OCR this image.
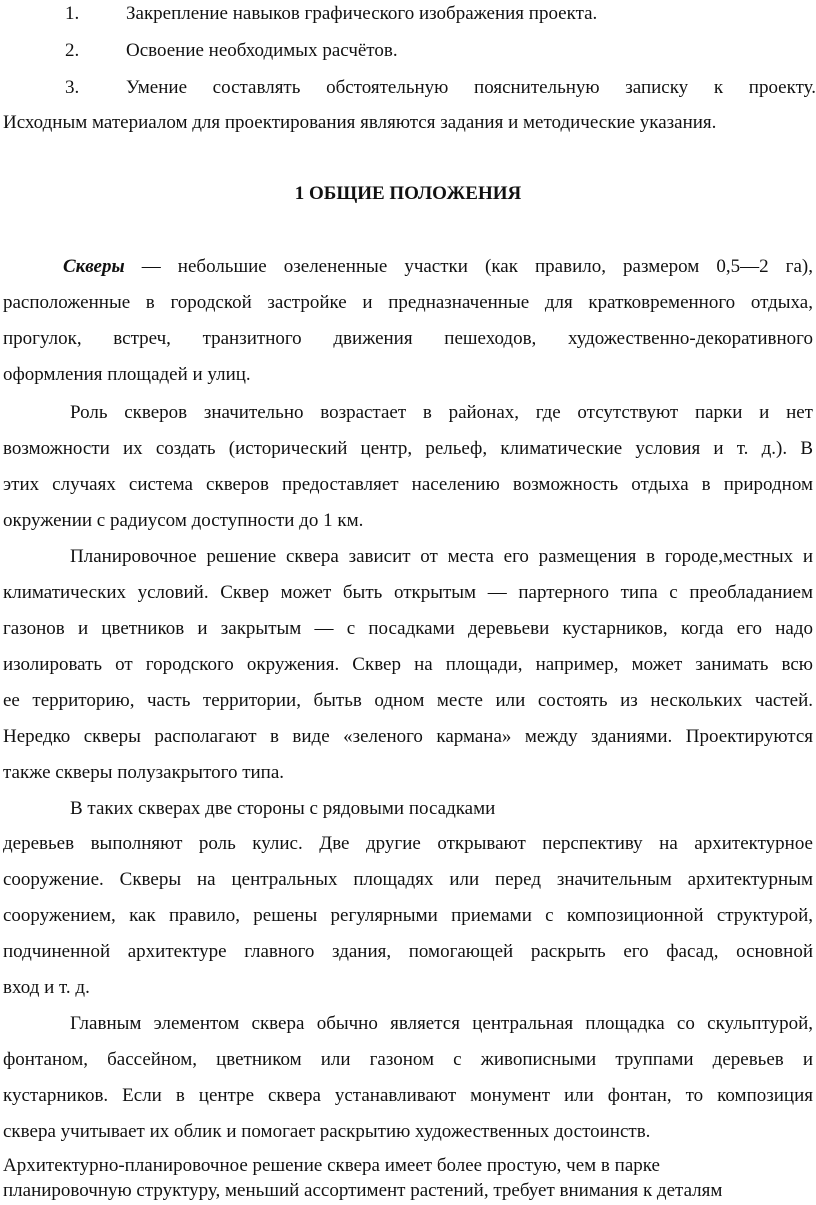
1. Закрепление навыков графического изображения проекта.
2. Освоение необходимых расчётов.
3. Умение составлять обстоятельную пояснительную записку к проекту.
Исходным материалом для проектирования являются задания и методические указания.
1 ОБЩИЕ ПОЛОЖЕНИЯ
Скверы — небольшие озелененные участки (как правило, размером 0,5—2 га),
расположенные в городской застройке и предназначенные для кратковременного отдыха,
прогулок, встреч, транзитного движения пешеходов, художественно-декоративного
оформления площадей и улиц.
Роль скверов значительно возрастает в районах, где отсутствуют парки и нет
возможности их создать (исторический центр, рельеф, климатические условия и т. д.). В
этих случаях система скверов предоставляет населению возможность отдыха в природном
окружении с радиусом доступности до 1 км.
Планировочное решение сквера зависит от места его размещения в городе,местных и
климатических условий. Сквер может быть открытым — партерного типа с преобладанием
газонов и цветников и закрытым — с посадками деревьеви кустарников, когда его надо
изолировать от городского окружения. Сквер на площади, например, может занимать всю
ее территорию, часть территории, бытьв одном месте или состоять из нескольких частей.
Нередко скверы располагают в виде «зеленого кармана» между зданиями. Проектируются
также скверы полузакрытого типа.
В таких скверах две стороны с рядовыми посадками
деревьев выполняют роль кулис. Две другие открывают перспективу на архитектурное
сооружение. Скверы на центральных площадях или перед значительным архитектурным
сооружением, как правило, решены регулярными приемами с композиционной структурой,
подчиненной архитектуре главного здания, помогающей раскрыть его фасад, основной
вход и т. д.
Главным элементом сквера обычно является центральная площадка со скульптурой,
фонтаном, бассейном, цветником или газоном с живописными труппами деревьев и
кустарников. Если в центре сквера устанавливают монумент или фонтан, то композиция
сквера учитывает их облик и помогает раскрытию художественных достоинств.
Архитектурно-планировочное решение сквера имеет более простую, чем в парке
планировочную структуру, меньший ассортимент растений, требует внимания к деталям
